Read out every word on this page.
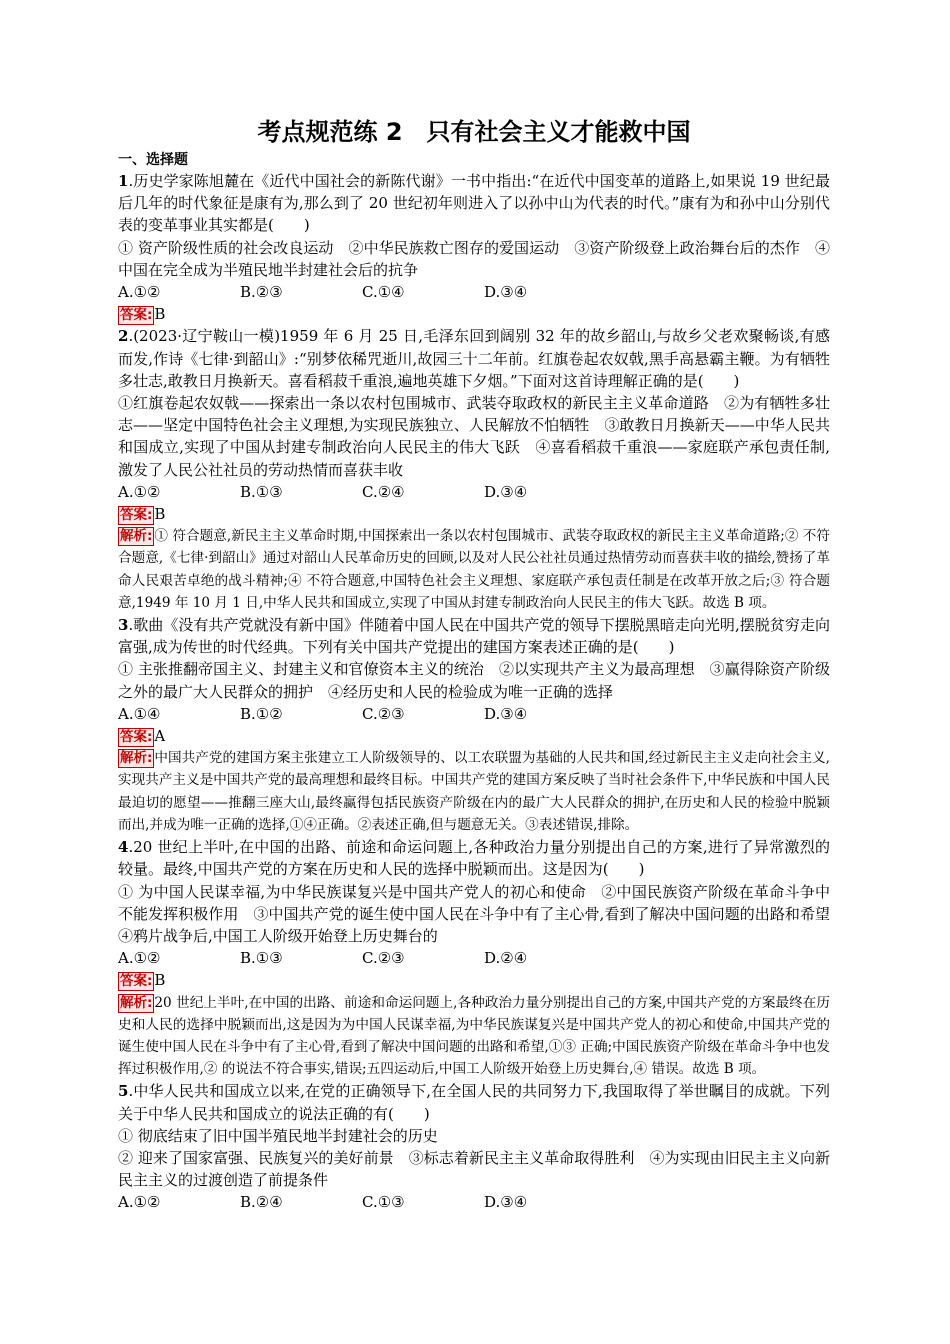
考点规范练 2　只有社会主义才能救中国
一、选择题
1.历史学家陈旭麓在《近代中国社会的新陈代谢》一书中指出:“在近代中国变革的道路上,如果说 19 世纪最后几年的时代象征是康有为,那么到了 20 世纪初年则进入了以孙中山为代表的时代。”康有为和孙中山分别代表的变革事业其实都是(　　)
① 资产阶级性质的社会改良运动　②中华民族救亡图存的爱国运动　③资产阶级登上政治舞台后的杰作　④中国在完全成为半殖民地半封建社会后的抗争
A.①②	B.②③	C.①④	D.③④
答案: B
2.(2023·辽宁鞍山一模)1959 年 6 月 25 日,毛泽东回到阔别 32 年的故乡韶山,与故乡父老欢聚畅谈,有感而发,作诗《七律·到韶山》:“别梦依稀咒逝川,故园三十二年前。红旗卷起农奴戟,黑手高悬霸主鞭。为有牺牲多壮志,敢教日月换新天。喜看稻菽千重浪,遍地英雄下夕烟。”下面对这首诗理解正确的是(　　)
①红旗卷起农奴戟——探索出一条以农村包围城市、武装夺取政权的新民主主义革命道路　②为有牺牲多壮志——坚定中国特色社会主义理想,为实现民族独立、人民解放不怕牺牲　③敢教日月换新天——中华人民共和国成立,实现了中国从封建专制政治向人民民主的伟大飞跃　④喜看稻菽千重浪——家庭联产承包责任制,激发了人民公社社员的劳动热情而喜获丰收
A.①②	B.①③	C.②④	D.③④
答案: B
解析: ① 符合题意,新民主主义革命时期,中国探索出一条以农村包围城市、武装夺取政权的新民主主义革命道路;② 不符合题意,《七律·到韶山》通过对韶山人民革命历史的回顾,以及对人民公社社员通过热情劳动而喜获丰收的描绘,赞扬了革命人民艰苦卓绝的战斗精神;④ 不符合题意,中国特色社会主义理想、家庭联产承包责任制是在改革开放之后;③ 符合题意,1949 年 10 月 1 日,中华人民共和国成立,实现了中国从封建专制政治向人民民主的伟大飞跃。故选 B 项。
3.歌曲《没有共产党就没有新中国》伴随着中国人民在中国共产党的领导下摆脱黑暗走向光明,摆脱贫穷走向富强,成为传世的时代经典。下列有关中国共产党提出的建国方案表述正确的是(　　)
① 主张推翻帝国主义、封建主义和官僚资本主义的统治　②以实现共产主义为最高理想　③赢得除资产阶级之外的最广大人民群众的拥护　④经历史和人民的检验成为唯一正确的选择
A.①④	B.①②	C.②③	D.③④
答案: A
解析: 中国共产党的建国方案主张建立工人阶级领导的、以工农联盟为基础的人民共和国,经过新民主主义走向社会主义,实现共产主义是中国共产党的最高理想和最终目标。中国共产党的建国方案反映了当时社会条件下,中华民族和中国人民最迫切的愿望——推翻三座大山,最终赢得包括民族资产阶级在内的最广大人民群众的拥护,在历史和人民的检验中脱颖而出,并成为唯一正确的选择,①④正确。②表述正确,但与题意无关。③表述错误,排除。
4.20 世纪上半叶,在中国的出路、前途和命运问题上,各种政治力量分别提出自己的方案,进行了异常激烈的较量。最终,中国共产党的方案在历史和人民的选择中脱颖而出。这是因为(　　)
① 为中国人民谋幸福,为中华民族谋复兴是中国共产党人的初心和使命　②中国民族资产阶级在革命斗争中不能发挥积极作用　③中国共产党的诞生使中国人民在斗争中有了主心骨,看到了解决中国问题的出路和希望　④鸦片战争后,中国工人阶级开始登上历史舞台的
A.①②	B.①③	C.②③	D.②④
答案: B
解析: 20 世纪上半叶,在中国的出路、前途和命运问题上,各种政治力量分别提出自己的方案,中国共产党的方案最终在历史和人民的选择中脱颖而出,这是因为为中国人民谋幸福,为中华民族谋复兴是中国共产党人的初心和使命,中国共产党的诞生使中国人民在斗争中有了主心骨,看到了解决中国问题的出路和希望,①③ 正确;中国民族资产阶级在革命斗争中也发挥过积极作用,② 的说法不符合事实,错误;五四运动后,中国工人阶级开始登上历史舞台,④ 错误。故选 B 项。
5.中华人民共和国成立以来,在党的正确领导下,在全国人民的共同努力下,我国取得了举世瞩目的成就。下列关于中华人民共和国成立的说法正确的有(　　)
① 彻底结束了旧中国半殖民地半封建社会的历史
② 迎来了国家富强、民族复兴的美好前景　③标志着新民主主义革命取得胜利　④为实现由旧民主主义向新民主主义的过渡创造了前提条件
A.①②	B.②④	C.①③	D.③④
